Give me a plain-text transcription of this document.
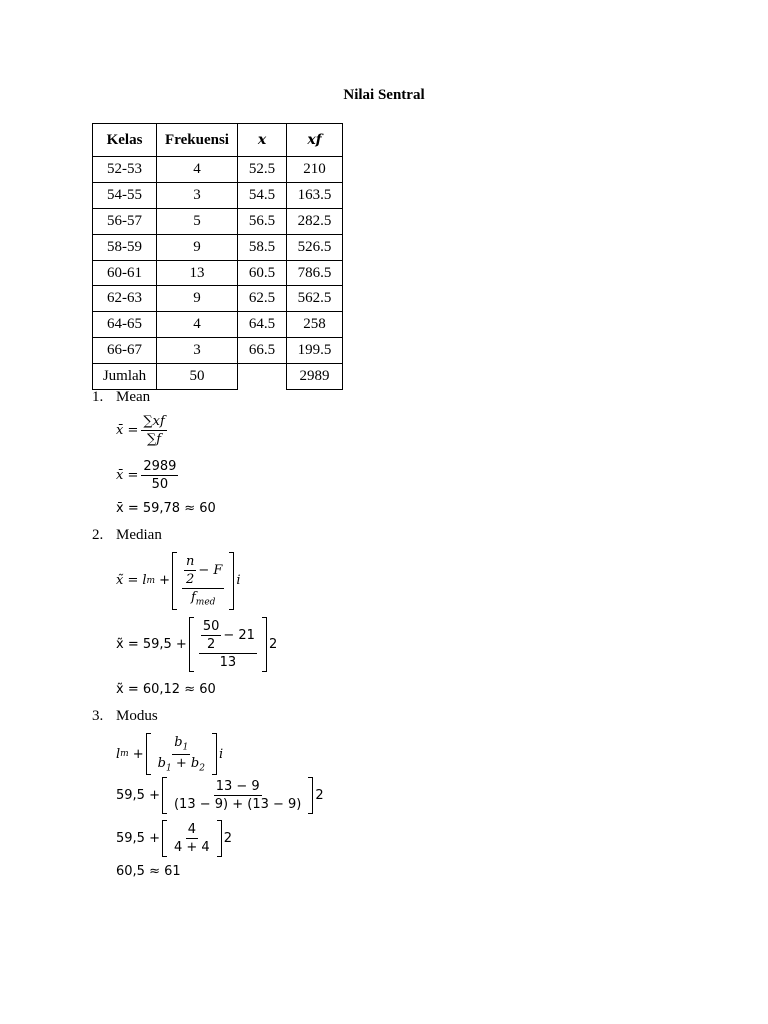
Nilai Sentral
Kelas	Frekuensi	x	xf
52-53	4	52.5	210
54-55	3	54.5	163.5
56-57	5	56.5	282.5
58-59	9	58.5	526.5
60-61	13	60.5	786.5
62-63	9	62.5	562.5
64-65	4	64.5	258
66-67	3	66.5	199.5
Jumlah	50		2989
1. Mean
x̄ = $\frac{\sum xf}{\sum f}$
x̄ = $\frac{2989}{50}$
x̄ = 59,78 ≈ 60
2. Median
x̃ = l $m + \frac{\frac{n}{2} - F}{f_{med}}$ i
x̃ = $59,5 + \frac{\frac{50}{2} - 21}{13} 2$
x̃ = 60,12 ≈ 60
3. Modus
l $m + \frac{b_1}{b_1 + b_2}$ i
$59,5 + \frac{13 - 9}{(13 - 9) + (13 - 9)} 2$
$59,5 + \frac{4}{4 + 4} 2$
60,5 ≈ 61
